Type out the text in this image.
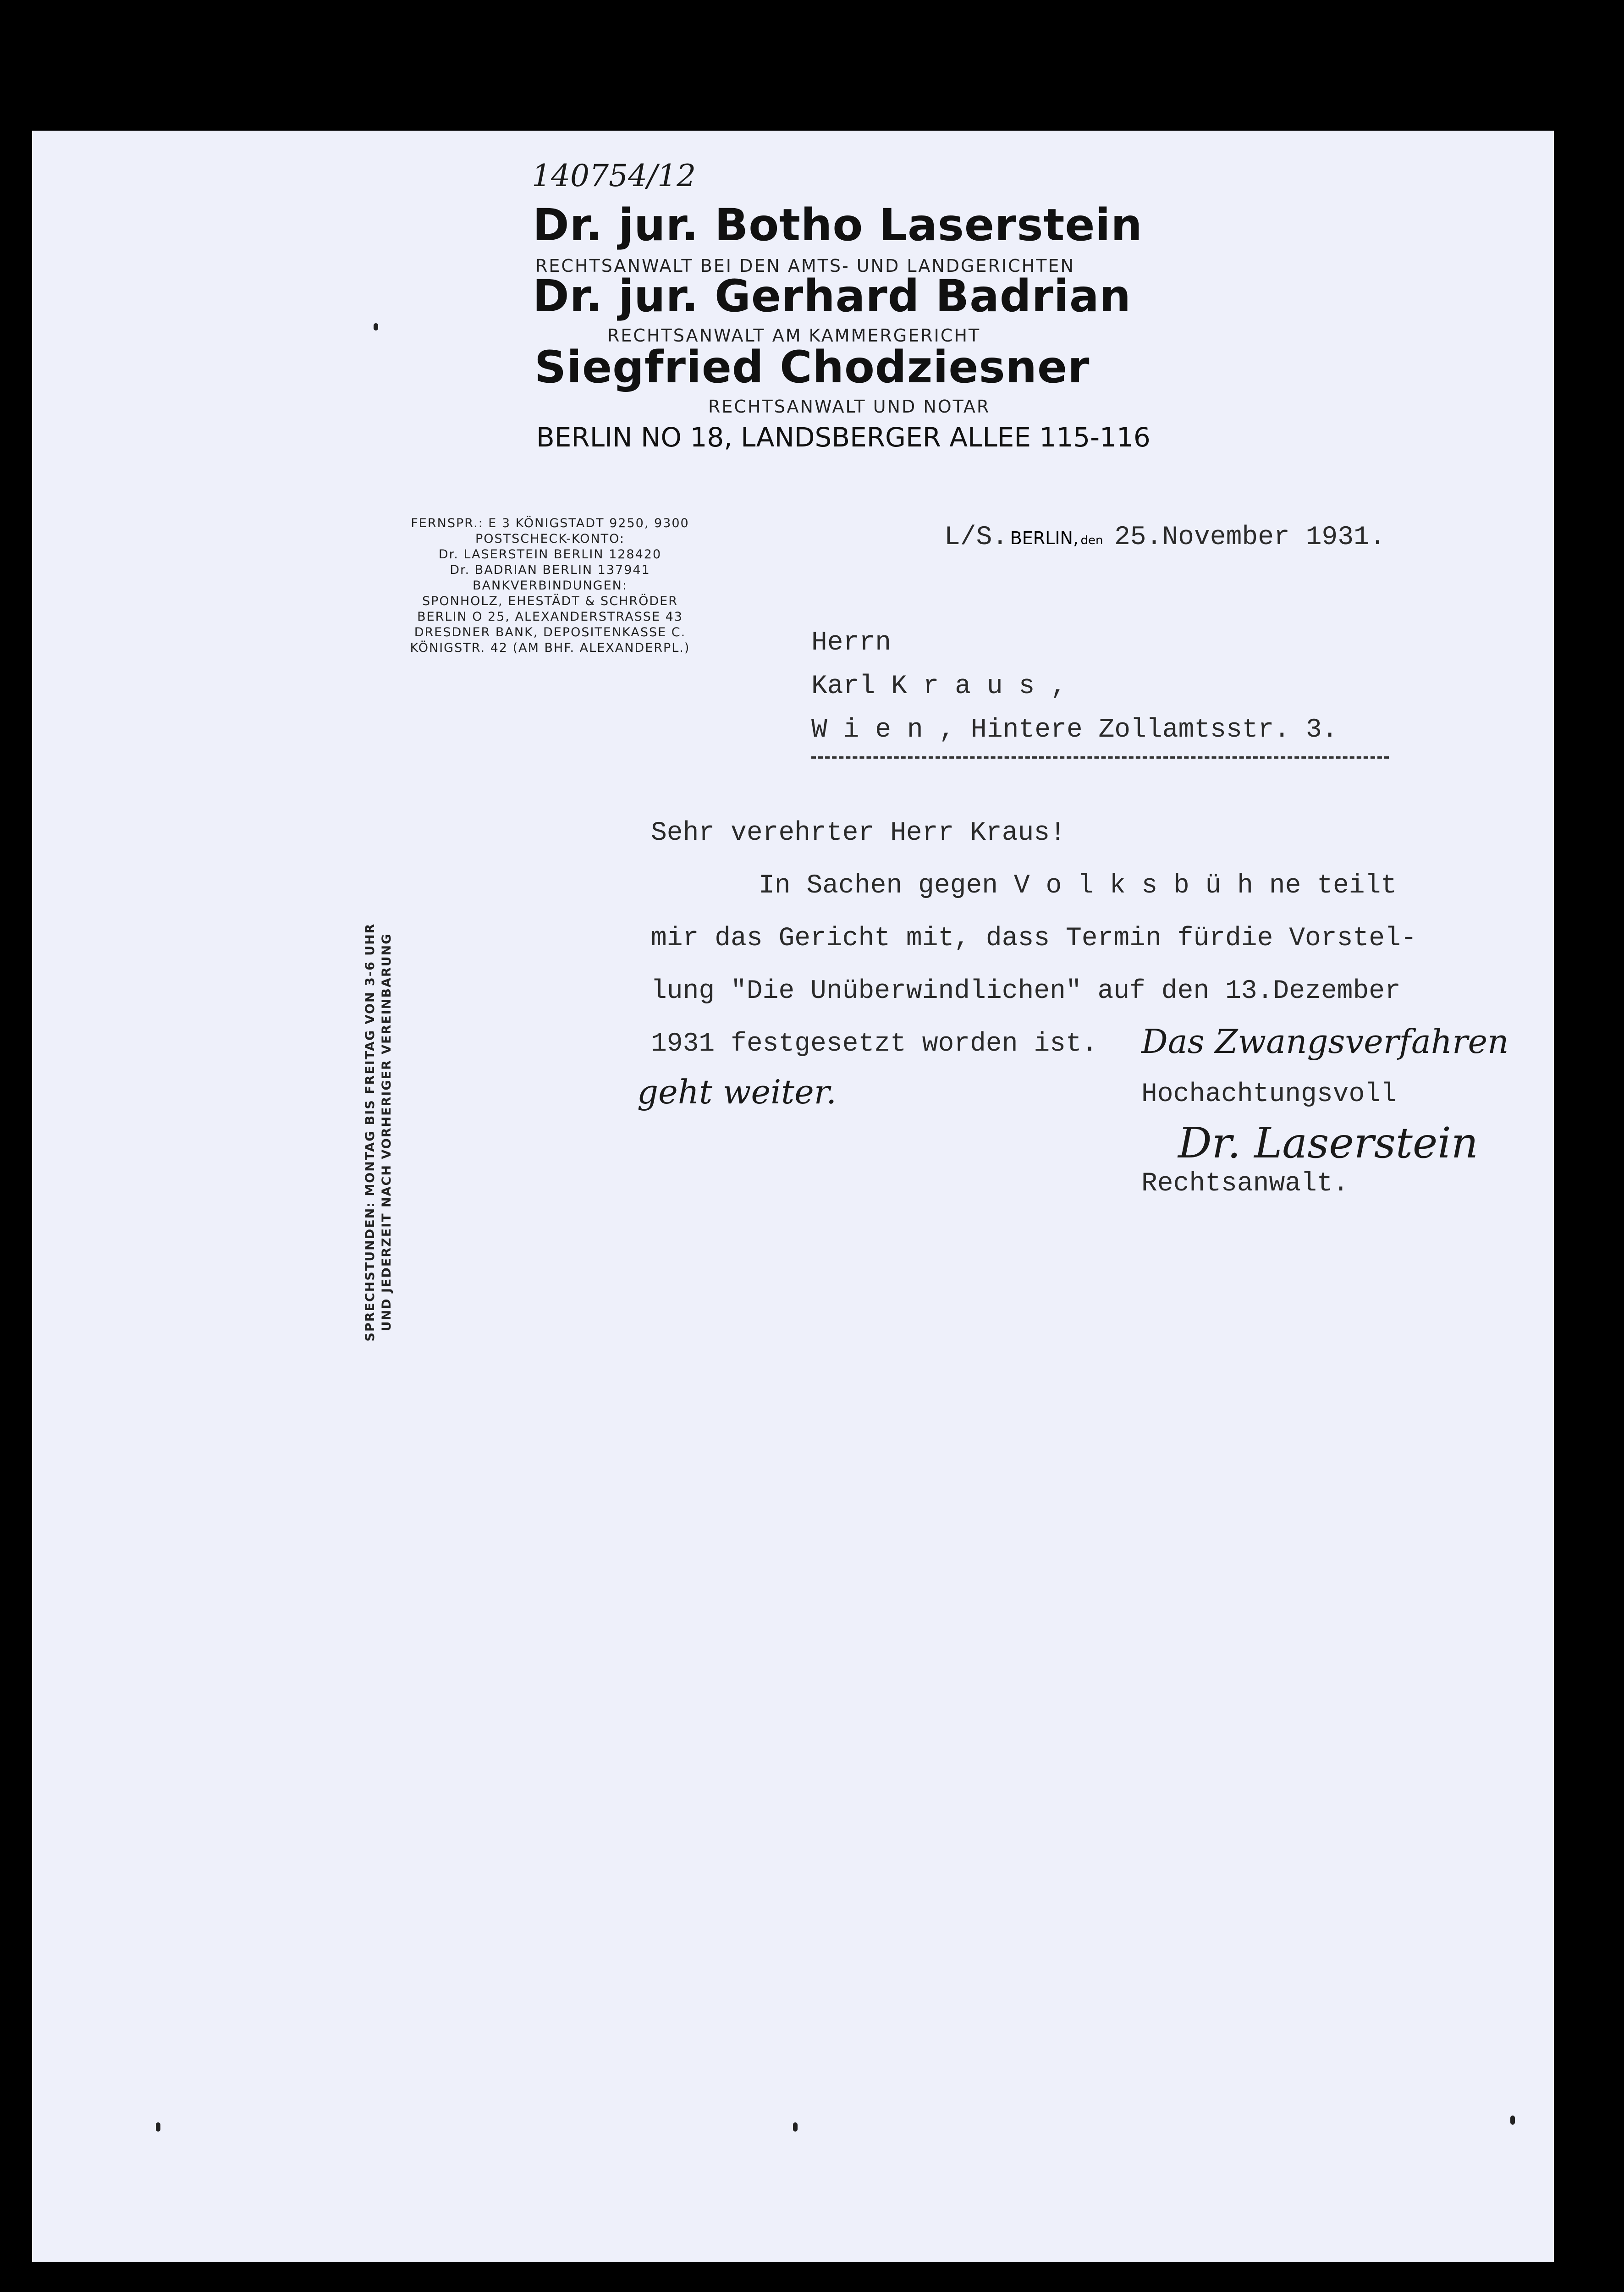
140754/12
Dr. jur. Botho Laserstein
RECHTSANWALT BEI DEN AMTS- UND LANDGERICHTEN
Dr. jur. Gerhard Badrian
RECHTSANWALT AM KAMMERGERICHT
Siegfried Chodziesner
RECHTSANWALT UND NOTAR
BERLIN NO 18, LANDSBERGER ALLEE 115-116
FERNSPR.: E 3 KÖNIGSTADT 9250, 9300
POSTSCHECK-KONTO:
Dr. LASERSTEIN BERLIN 128420
Dr. BADRIAN BERLIN 137941
BANKVERBINDUNGEN:
SPONHOLZ, EHESTÄDT & SCHRÖDER
BERLIN O 25, ALEXANDERSTRASSE 43
DRESDNER BANK, DEPOSITENKASSE C.
KÖNIGSTR. 42 (AM BHF. ALEXANDERPL.)
SPRECHSTUNDEN: MONTAG BIS FREITAG VON 3-6 UHR UND JEDERZEIT NACH VORHERIGER VEREINBARUNG
L/S. BERLIN, den 25.November 1931.
Herrn
Karl K r a u s ,
W i e n , Hintere Zollamtsstr. 3.
Sehr verehrter Herr Kraus!
In Sachen gegen V o l k s b ü h ne teilt
mir das Gericht mit, dass Termin fürdie Vorstel-
lung "Die Unüberwindlichen" auf den 13.Dezember
1931 festgesetzt worden ist. Das Zwangsverfahren
geht weiter.	Hochachtungsvoll
Dr. Laserstein
Rechtsanwalt.
